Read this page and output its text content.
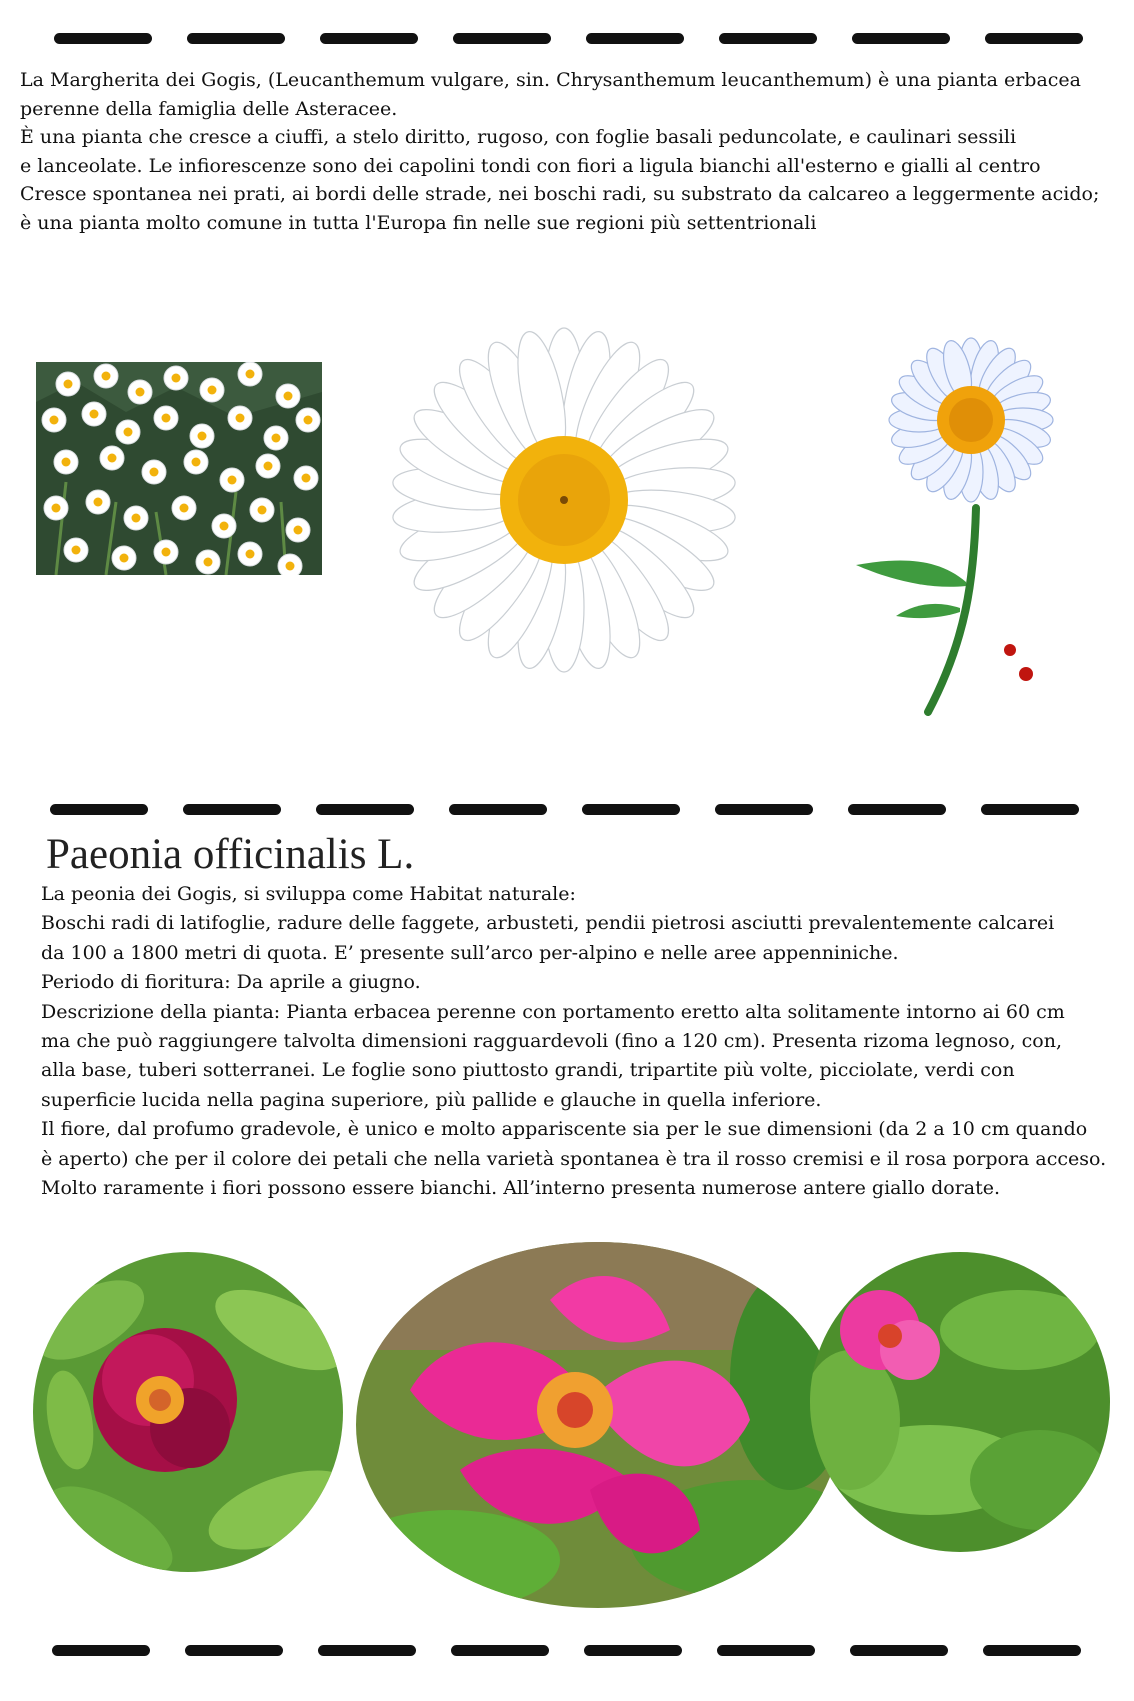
La Margherita dei Gogis, (Leucanthemum vulgare, sin. Chrysanthemum leucanthemum) è una pianta erbacea
perenne della famiglia delle Asteracee.
È una pianta che cresce a ciuffi, a stelo diritto, rugoso, con foglie basali peduncolate, e caulinari sessili
e lanceolate. Le infiorescenze sono dei capolini tondi con fiori a ligula bianchi all'esterno e gialli al centro
Cresce spontanea nei prati, ai bordi delle strade, nei boschi radi, su substrato da calcareo a leggermente acido;
è una pianta molto comune in tutta l'Europa fin nelle sue regioni più settentrionali
Paeonia officinalis L.
La peonia dei Gogis, si sviluppa come Habitat naturale:
Boschi radi di latifoglie, radure delle faggete, arbusteti, pendii pietrosi asciutti prevalentemente calcarei
da 100 a 1800 metri di quota. E’ presente sull’arco per-alpino e nelle aree appenniniche.
Periodo di fioritura: Da aprile a giugno.
Descrizione della pianta: Pianta erbacea perenne con portamento eretto alta solitamente intorno ai 60 cm
ma che può raggiungere talvolta dimensioni ragguardevoli (fino a 120 cm). Presenta rizoma legnoso, con,
alla base, tuberi sotterranei. Le foglie sono piuttosto grandi, tripartite più volte, picciolate, verdi con
superficie lucida nella pagina superiore, più pallide e glauche in quella inferiore.
Il fiore, dal profumo gradevole, è unico e molto appariscente sia per le sue dimensioni (da 2 a 10 cm quando
è aperto) che per il colore dei petali che nella varietà spontanea è tra il rosso cremisi e il rosa porpora acceso.
Molto raramente i fiori possono essere bianchi. All’interno presenta numerose antere giallo dorate.
